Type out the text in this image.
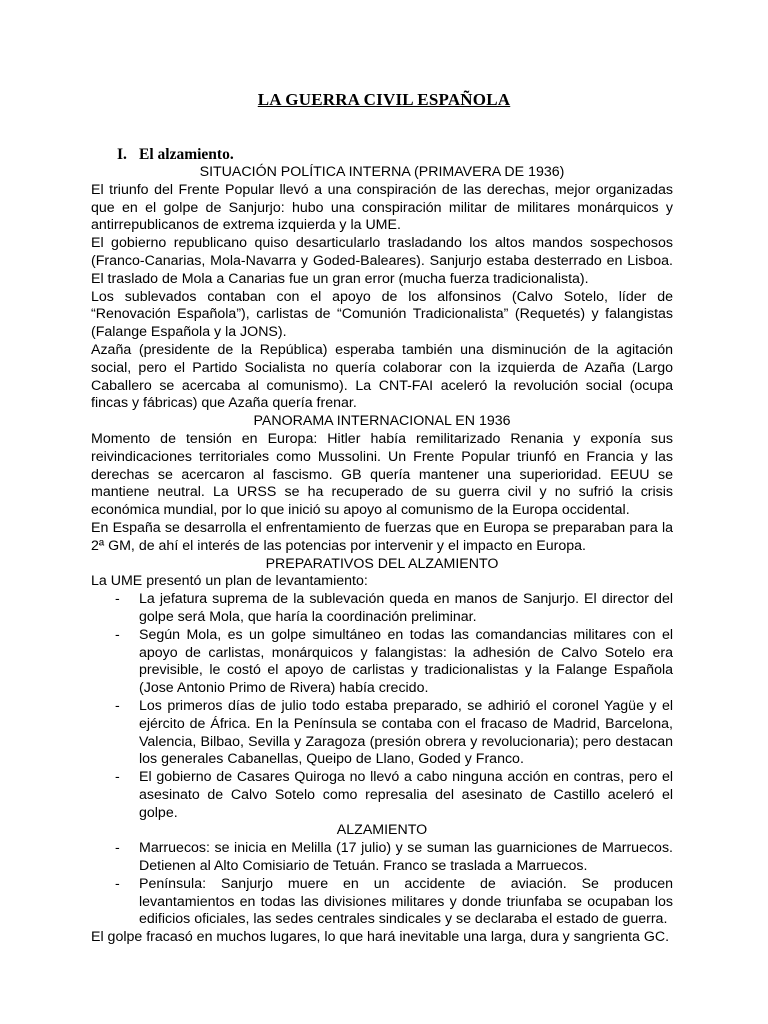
LA GUERRA CIVIL ESPAÑOLA
I. El alzamiento.
SITUACIÓN POLÍTICA INTERNA (PRIMAVERA DE 1936)
El triunfo del Frente Popular llevó a una conspiración de las derechas, mejor organizadas que en el golpe de Sanjurjo: hubo una conspiración militar de militares monárquicos y antirrepublicanos de extrema izquierda y la UME.
El gobierno republicano quiso desarticularlo trasladando los altos mandos sospechosos (Franco-Canarias, Mola-Navarra y Goded-Baleares). Sanjurjo estaba desterrado en Lisboa. El traslado de Mola a Canarias fue un gran error (mucha fuerza tradicionalista).
Los sublevados contaban con el apoyo de los alfonsinos (Calvo Sotelo, líder de “Renovación Española”), carlistas de “Comunión Tradicionalista” (Requetés) y falangistas (Falange Española y la JONS).
Azaña (presidente de la República) esperaba también una disminución de la agitación social, pero el Partido Socialista no quería colaborar con la izquierda de Azaña (Largo Caballero se acercaba al comunismo). La CNT-FAI aceleró la revolución social (ocupa fincas y fábricas) que Azaña quería frenar.
PANORAMA INTERNACIONAL EN 1936
Momento de tensión en Europa: Hitler había remilitarizado Renania y exponía sus reivindicaciones territoriales como Mussolini. Un Frente Popular triunfó en Francia y las derechas se acercaron al fascismo. GB quería mantener una superioridad. EEUU se mantiene neutral. La URSS se ha recuperado de su guerra civil y no sufrió la crisis económica mundial, por lo que inició su apoyo al comunismo de la Europa occidental.
En España se desarrolla el enfrentamiento de fuerzas que en Europa se preparaban para la 2ª GM, de ahí el interés de las potencias por intervenir y el impacto en Europa.
PREPARATIVOS DEL ALZAMIENTO
La UME presentó un plan de levantamiento:
- La jefatura suprema de la sublevación queda en manos de Sanjurjo. El director del golpe será Mola, que haría la coordinación preliminar.
- Según Mola, es un golpe simultáneo en todas las comandancias militares con el apoyo de carlistas, monárquicos y falangistas: la adhesión de Calvo Sotelo era previsible, le costó el apoyo de carlistas y tradicionalistas y la Falange Española (Jose Antonio Primo de Rivera) había crecido.
- Los primeros días de julio todo estaba preparado, se adhirió el coronel Yagüe y el ejército de África. En la Península se contaba con el fracaso de Madrid, Barcelona, Valencia, Bilbao, Sevilla y Zaragoza (presión obrera y revolucionaria); pero destacan los generales Cabanellas, Queipo de Llano, Goded y Franco.
- El gobierno de Casares Quiroga no llevó a cabo ninguna acción en contras, pero el asesinato de Calvo Sotelo como represalia del asesinato de Castillo aceleró el golpe.
ALZAMIENTO
- Marruecos: se inicia en Melilla (17 julio) y se suman las guarniciones de Marruecos. Detienen al Alto Comisiario de Tetuán. Franco se traslada a Marruecos.
- Península: Sanjurjo muere en un accidente de aviación. Se producen levantamientos en todas las divisiones militares y donde triunfaba se ocupaban los edificios oficiales, las sedes centrales sindicales y se declaraba el estado de guerra.
El golpe fracasó en muchos lugares, lo que hará inevitable una larga, dura y sangrienta GC.
